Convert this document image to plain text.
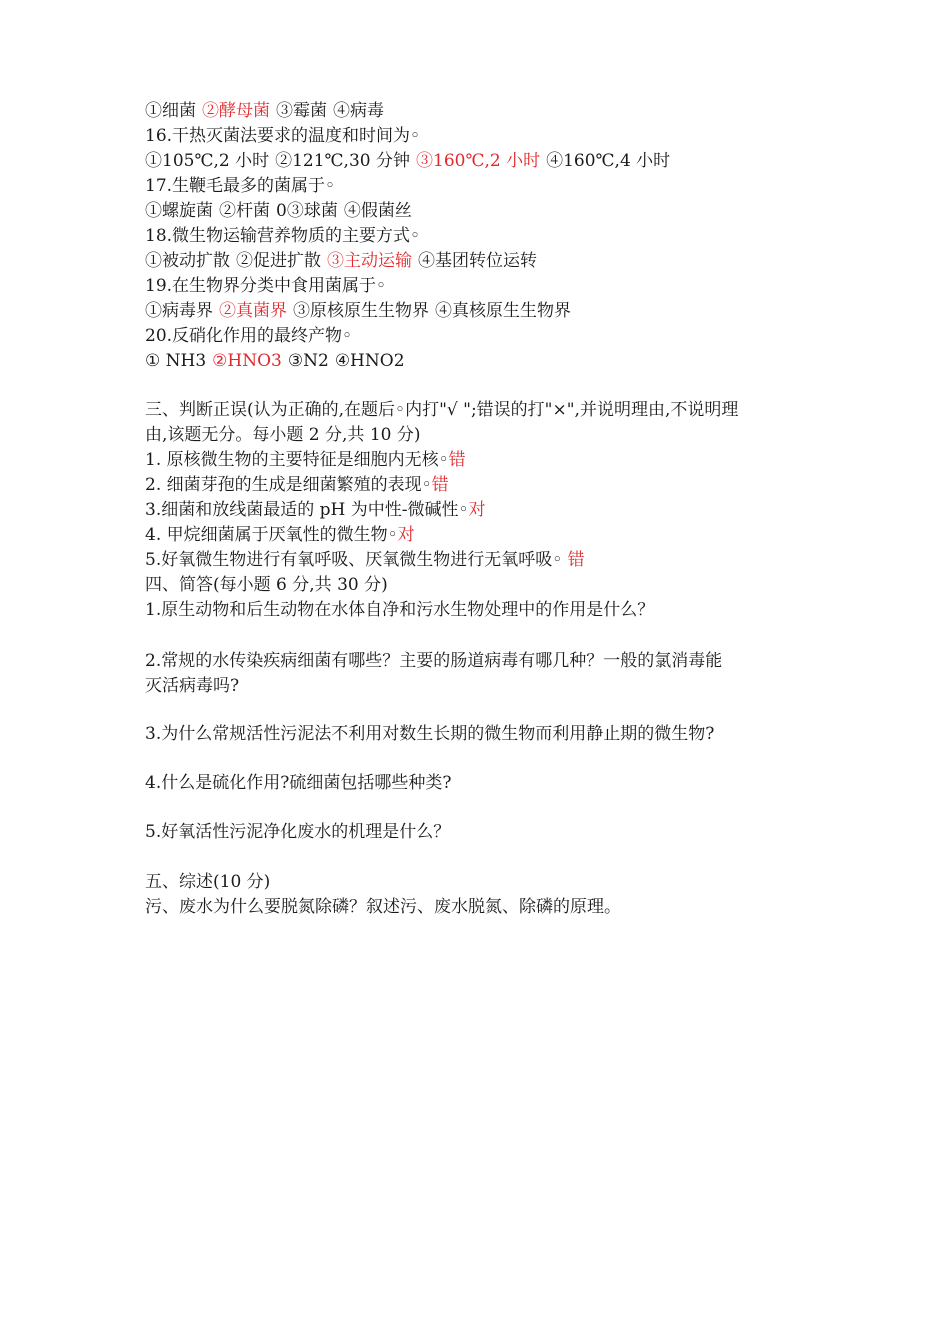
①细菌 ②酵母菌 ③霉菌 ④病毒
16.干热灭菌法要求的温度和时间为◦
①105℃,2 小时 ②121℃,30 分钟 ③160℃,2 小时 ④160℃,4 小时
17.生鞭毛最多的菌属于◦
①螺旋菌 ②杆菌 0③球菌 ④假菌丝
18.微生物运输营养物质的主要方式◦
①被动扩散 ②促进扩散 ③主动运输 ④基团转位运转
19.在生物界分类中食用菌属于◦
①病毒界 ②真菌界 ③原核原生生物界 ④真核原生生物界
20.反硝化作用的最终产物◦
① NH3 ②HNO3 ③N2 ④HNO2
三、判断正误(认为正确的,在题后◦内打"√ ";错误的打"×",并说明理由,不说明理
由,该题无分。每小题 2 分,共 10 分)
1. 原核微生物的主要特征是细胞内无核◦错
2. 细菌芽孢的生成是细菌繁殖的表现◦错
3.细菌和放线菌最适的 pH 为中性-微碱性◦对
4. 甲烷细菌属于厌氧性的微生物◦对
5.好氧微生物进行有氧呼吸、厌氧微生物进行无氧呼吸◦ 错
四、简答(每小题 6 分,共 30 分)
1.原生动物和后生动物在水体自净和污水生物处理中的作用是什么？
2.常规的水传染疾病细菌有哪些？主要的肠道病毒有哪几种？一般的氯消毒能
灭活病毒吗?
3.为什么常规活性污泥法不利用对数生长期的微生物而利用静止期的微生物?
4.什么是硫化作用?硫细菌包括哪些种类?
5.好氧活性污泥净化废水的机理是什么？
五、综述(10 分)
污、废水为什么要脱氮除磷？叙述污、废水脱氮、除磷的原理。
